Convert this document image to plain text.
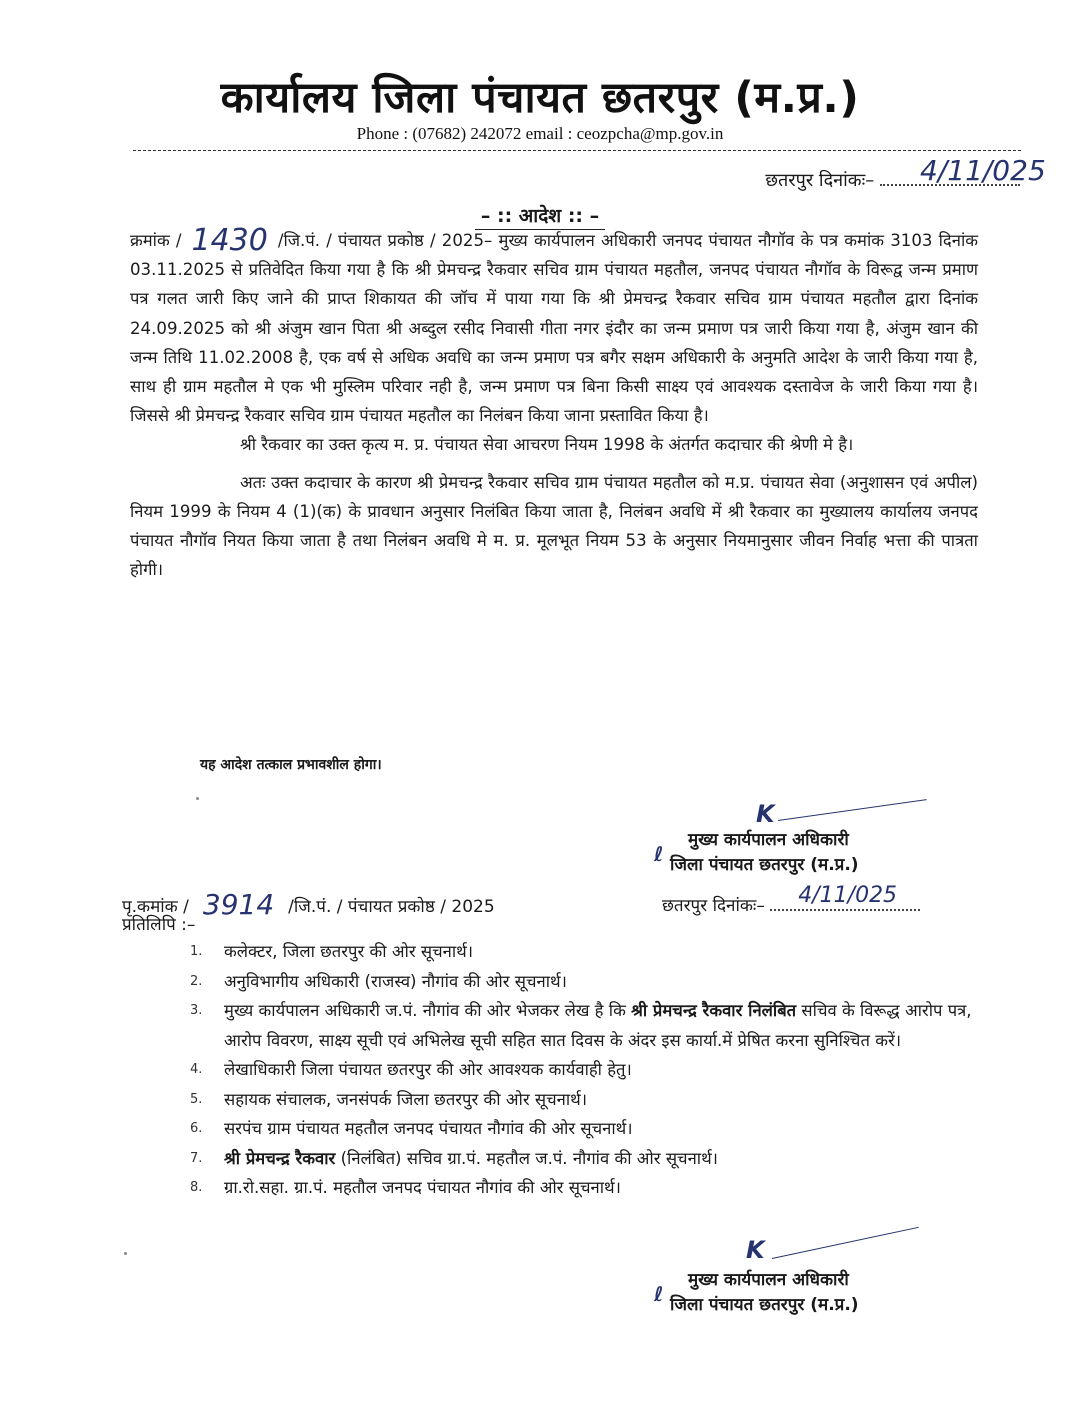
कार्यालय जिला पंचायत छतरपुर (म.प्र.)
Phone : (07682) 242072 email : ceozpcha@mp.gov.in
छतरपुर दिनांकः– 4/11/025
– :: आदेश :: –

क्रमांक / 1430 /जि.पं. / पंचायत प्रकोष्ठ / 2025– मुख्य कार्यपालन अधिकारी जनपद पंचायत नौगॉव के पत्र कमांक 3103 दिनांक 03.11.2025 से प्रतिवेदित किया गया है कि श्री प्रेमचन्द्र रैकवार सचिव ग्राम पंचायत महतौल, जनपद पंचायत नौगॉव के विरूद्व जन्म प्रमाण पत्र गलत जारी किए जाने की प्राप्त शिकायत की जॉच में पाया गया कि श्री प्रेमचन्द्र रैकवार सचिव ग्राम पंचायत महतौल द्वारा दिनांक 24.09.2025 को श्री अंजुम खान पिता श्री अब्दुल रसीद निवासी गीता नगर इंदौर का जन्म प्रमाण पत्र जारी किया गया है, अंजुम खान की जन्म तिथि 11.02.2008 है, एक वर्ष से अधिक अवधि का जन्म प्रमाण पत्र बगैर सक्षम अधिकारी के अनुमति आदेश के जारी किया गया है, साथ ही ग्राम महतौल मे एक भी मुस्लिम परिवार नही है, जन्म प्रमाण पत्र बिना किसी साक्ष्य एवं आवश्यक दस्तावेज के जारी किया गया है। जिससे श्री प्रेमचन्द्र रैकवार सचिव ग्राम पंचायत महतौल का निलंबन किया जाना प्रस्तावित किया है।

श्री रैकवार का उक्त कृत्य म. प्र. पंचायत सेवा आचरण नियम 1998 के अंतर्गत कदाचार की श्रेणी मे है।

अतः उक्त कदाचार के कारण श्री प्रेमचन्द्र रैकवार सचिव ग्राम पंचायत महतौल को म.प्र. पंचायत सेवा (अनुशासन एवं अपील) नियम 1999 के नियम 4 (1)(क) के प्रावधान अनुसार निलंबित किया जाता है, निलंबन अवधि में श्री रैकवार का मुख्यालय कार्यालय जनपद पंचायत नौगॉव नियत किया जाता है तथा निलंबन अवधि मे म. प्र. मूलभूत नियम 53 के अनुसार नियमानुसार जीवन निर्वाह भत्ता की पात्रता होगी।

यह आदेश तत्काल प्रभावशील होगा।
K
ℓ
मुख्य कार्यपालन अधिकारी
जिला पंचायत छतरपुर (म.प्र.)
पृ.कमांक / 3914 /जि.पं. / पंचायत प्रकोष्ठ / 2025
प्रतिलिपि :–
छतरपुर दिनांकः– 4/11/025
1.	कलेक्टर, जिला छतरपुर की ओर सूचनार्थ।
2.	अनुविभागीय अधिकारी (राजस्व) नौगांव की ओर सूचनार्थ।
3.	मुख्य कार्यपालन अधिकारी ज.पं. नौगांव की ओर भेजकर लेख है कि श्री प्रेमचन्द्र रैकवार निलंबित सचिव के विरूद्ध आरोप पत्र, आरोप विवरण, साक्ष्य सूची एवं अभिलेख सूची सहित सात दिवस के अंदर इस कार्या.में प्रेषित करना सुनिश्चित करें।
4.	लेखाधिकारी जिला पंचायत छतरपुर की ओर आवश्यक कार्यवाही हेतु।
5.	सहायक संचालक, जनसंपर्क जिला छतरपुर की ओर सूचनार्थ।
6.	सरपंच ग्राम पंचायत महतौल जनपद पंचायत नौगांव की ओर सूचनार्थ।
7.	श्री प्रेमचन्द्र रैकवार (निलंबित) सचिव ग्रा.पं. महतौल ज.पं. नौगांव की ओर सूचनार्थ।
8.	ग्रा.रो.सहा. ग्रा.पं. महतौल जनपद पंचायत नौगांव की ओर सूचनार्थ।
K
ℓ
मुख्य कार्यपालन अधिकारी
जिला पंचायत छतरपुर (म.प्र.)
